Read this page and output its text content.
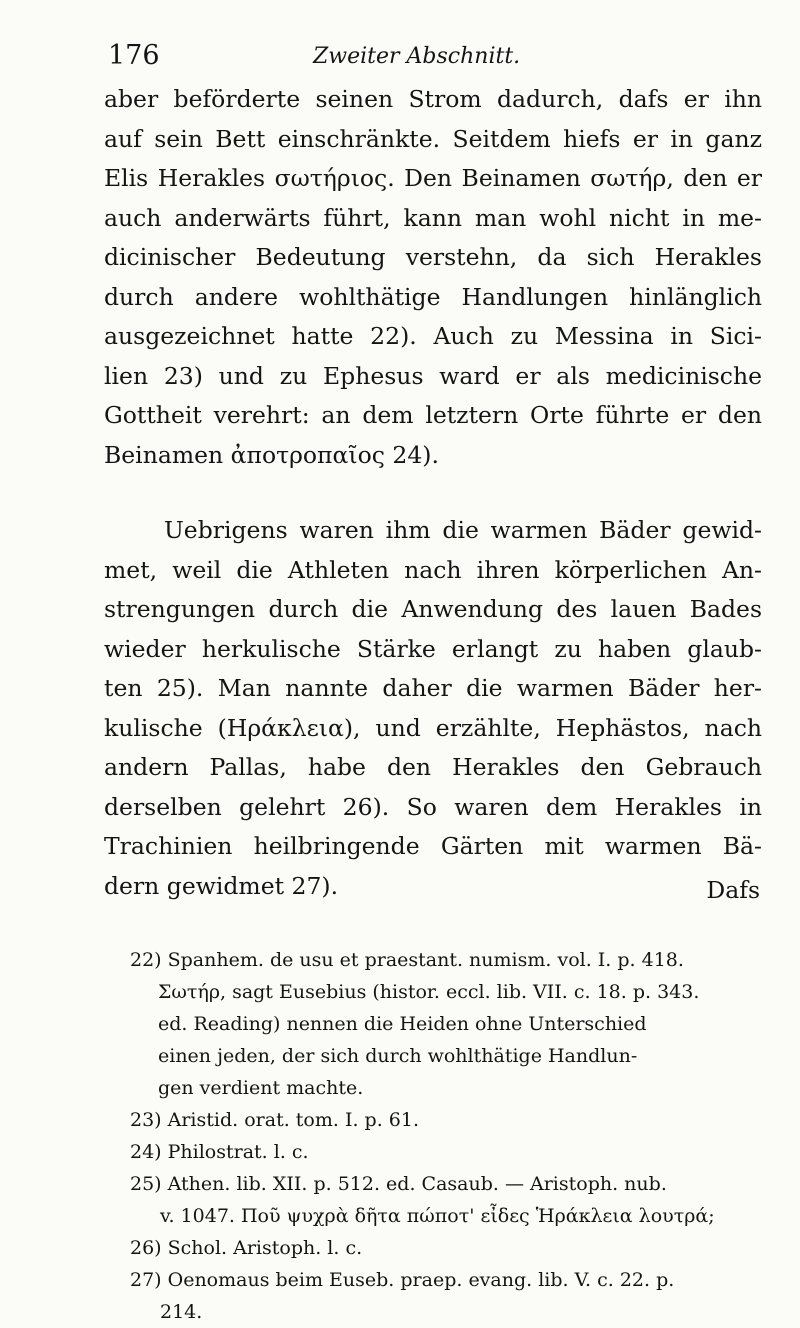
176	Zweiter Abschnitt.

aber beförderte seinen Strom dadurch, dafs er ihn

auf sein Bett einschränkte. Seitdem hiefs er in ganz

Elis Herakles σωτήριος. Den Beinamen σωτήρ, den er

auch anderwärts führt, kann man wohl nicht in me-

dicinischer Bedeutung verstehn, da sich Herakles

durch andere wohlthätige Handlungen hinlänglich

ausgezeichnet hatte 22). Auch zu Messina in Sici-

lien 23) und zu Ephesus ward er als medicinische

Gottheit verehrt: an dem letztern Orte führte er den

Beinamen ἀποτροπαῖος 24).

Uebrigens waren ihm die warmen Bäder gewid-

met, weil die Athleten nach ihren körperlichen An-

strengungen durch die Anwendung des lauen Bades

wieder herkulische Stärke erlangt zu haben glaub-

ten 25). Man nannte daher die warmen Bäder her-

kulische (Ηράκλεια), und erzählte, Hephästos, nach

andern Pallas, habe den Herakles den Gebrauch

derselben gelehrt 26). So waren dem Herakles in

Trachinien heilbringende Gärten mit warmen Bä-

dern gewidmet 27).	Dafs
22) Spanhem. de usu et praestant. numism. vol. I. p. 418.
Σωτήρ, sagt Eusebius (histor. eccl. lib. VII. c. 18. p. 343.
ed. Reading) nennen die Heiden ohne Unterschied
einen jeden, der sich durch wohlthätige Handlun-
gen verdient machte.
23) Aristid. orat. tom. I. p. 61.
24) Philostrat. l. c.
25) Athen. lib. XII. p. 512. ed. Casaub. — Aristoph. nub.
v. 1047. Ποῦ ψυχρὰ δῆτα πώποτ' εἶδες Ἡράκλεια λουτρά;
26) Schol. Aristoph. l. c.
27) Oenomaus beim Euseb. praep. evang. lib. V. c. 22. p.
214.
